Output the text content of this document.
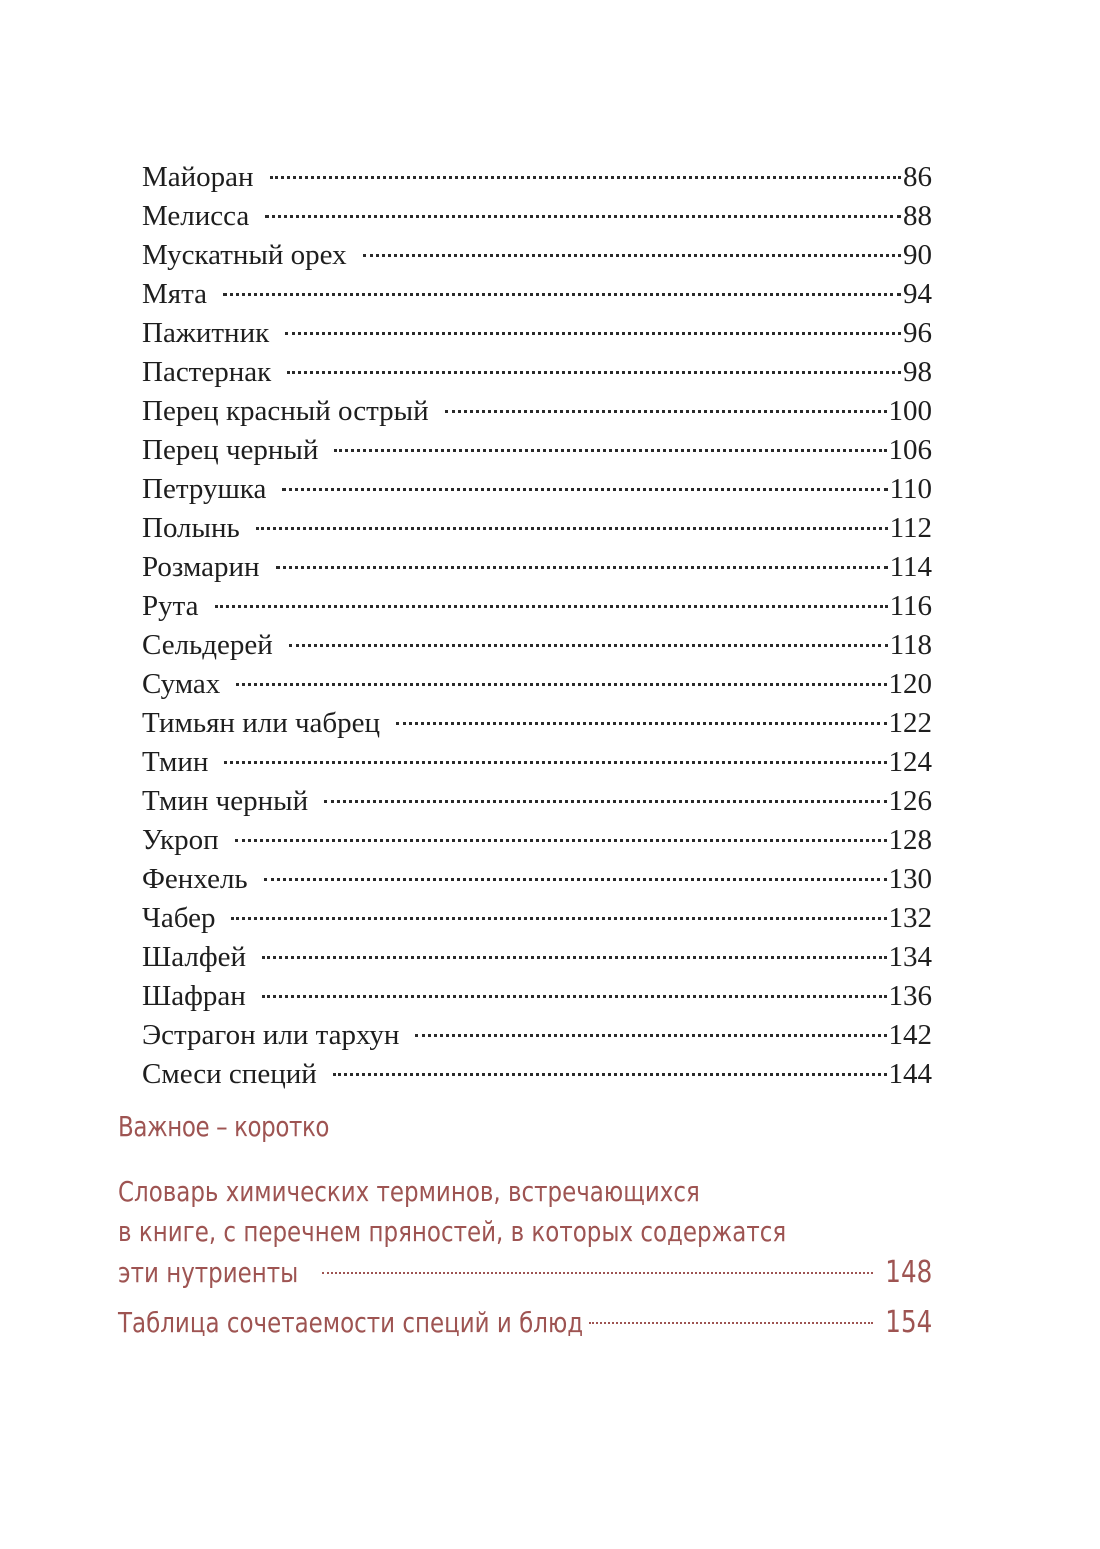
Майоран	86
Мелисса	88
Мускатный орех	90
Мята	94
Пажитник	96
Пастернак	98
Перец красный острый	100
Перец черный	106
Петрушка	110
Полынь	112
Розмарин	114
Рута	116
Сельдерей	118
Сумах	120
Тимьян или чабрец	122
Тмин	124
Тмин черный	126
Укроп	128
Фенхель	130
Чабер	132
Шалфей	134
Шафран	136
Эстрагон или тархун	142
Смеси специй	144
Важное – коротко
Словарь химических терминов, встречающихся
в книге, с перечнем пряностей, в которых содержатся
эти нутриенты	148
Таблица сочетаемости специй и блюд	154
